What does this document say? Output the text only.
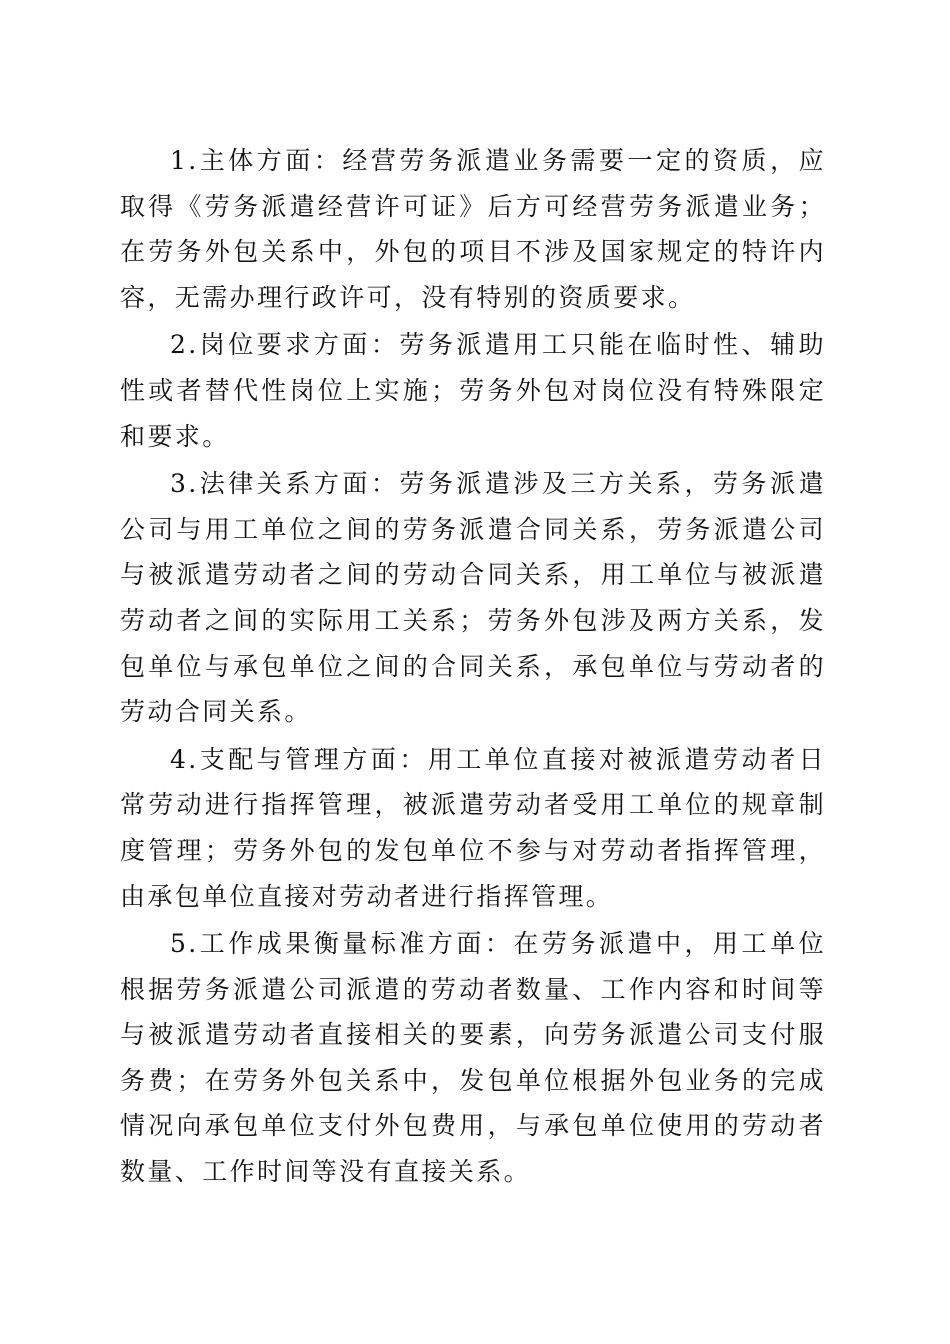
1.主体方面：经营劳务派遣业务需要一定的资质，应取得《劳务派遣经营许可证》后方可经营劳务派遣业务；在劳务外包关系中，外包的项目不涉及国家规定的特许内容，无需办理行政许可，没有特别的资质要求。

2.岗位要求方面：劳务派遣用工只能在临时性、辅助性或者替代性岗位上实施；劳务外包对岗位没有特殊限定和要求。

3.法律关系方面：劳务派遣涉及三方关系，劳务派遣公司与用工单位之间的劳务派遣合同关系，劳务派遣公司与被派遣劳动者之间的劳动合同关系，用工单位与被派遣劳动者之间的实际用工关系；劳务外包涉及两方关系，发包单位与承包单位之间的合同关系，承包单位与劳动者的劳动合同关系。

4.支配与管理方面：用工单位直接对被派遣劳动者日常劳动进行指挥管理，被派遣劳动者受用工单位的规章制度管理；劳务外包的发包单位不参与对劳动者指挥管理，由承包单位直接对劳动者进行指挥管理。

5.工作成果衡量标准方面：在劳务派遣中，用工单位根据劳务派遣公司派遣的劳动者数量、工作内容和时间等与被派遣劳动者直接相关的要素，向劳务派遣公司支付服务费；在劳务外包关系中，发包单位根据外包业务的完成情况向承包单位支付外包费用，与承包单位使用的劳动者数量、工作时间等没有直接关系。
